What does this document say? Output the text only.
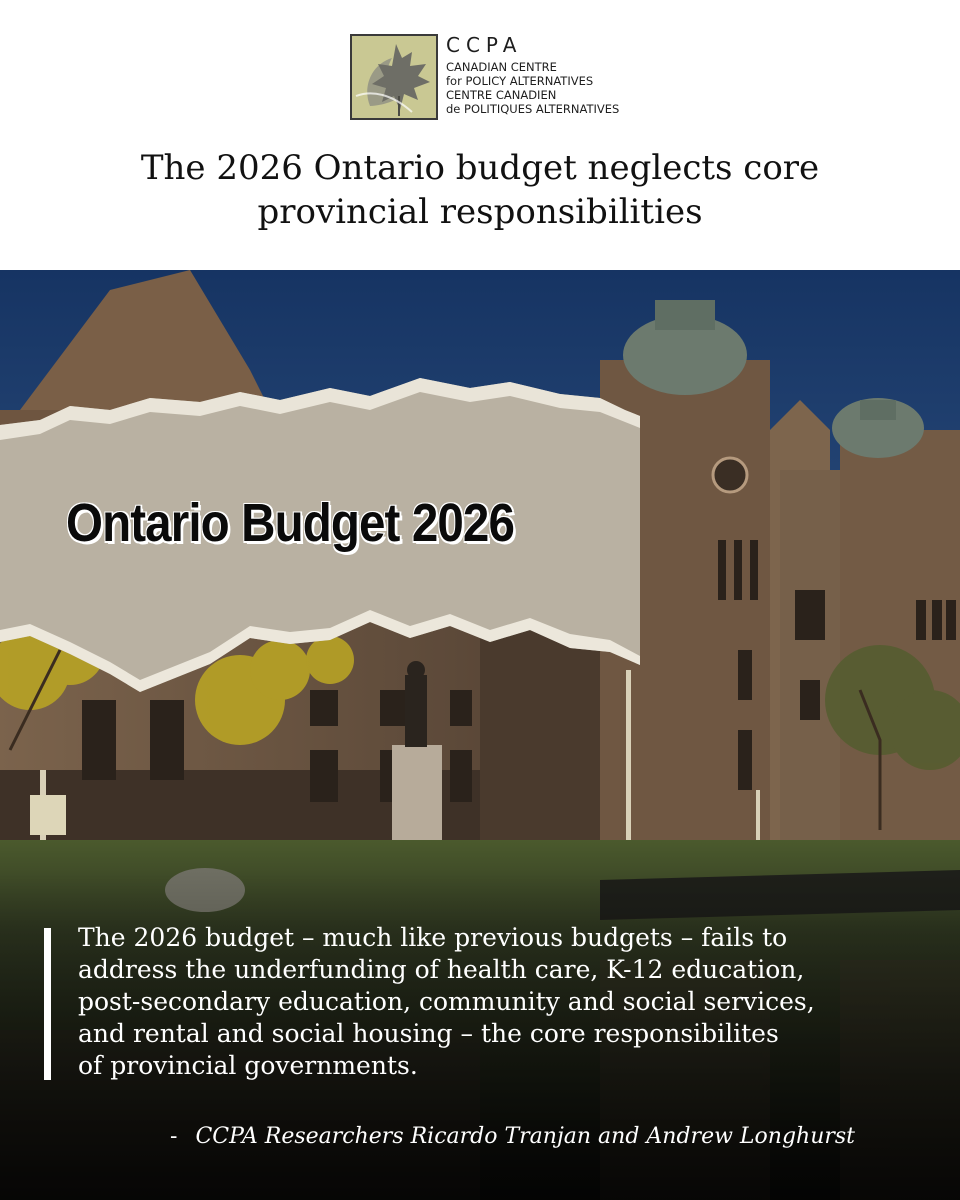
CCPA
CANADIAN CENTRE
for POLICY ALTERNATIVES
CENTRE CANADIEN
de POLITIQUES ALTERNATIVES
The 2026 Ontario budget neglects core
provincial responsibilities
Ontario Budget 2026
The 2026 budget – much like previous budgets – fails to
address the underfunding of health care, K-12 education,
post-secondary education, community and social services,
and rental and social housing – the core responsibilites
of provincial governments.
- CCPA Researchers Ricardo Tranjan and Andrew Longhurst
